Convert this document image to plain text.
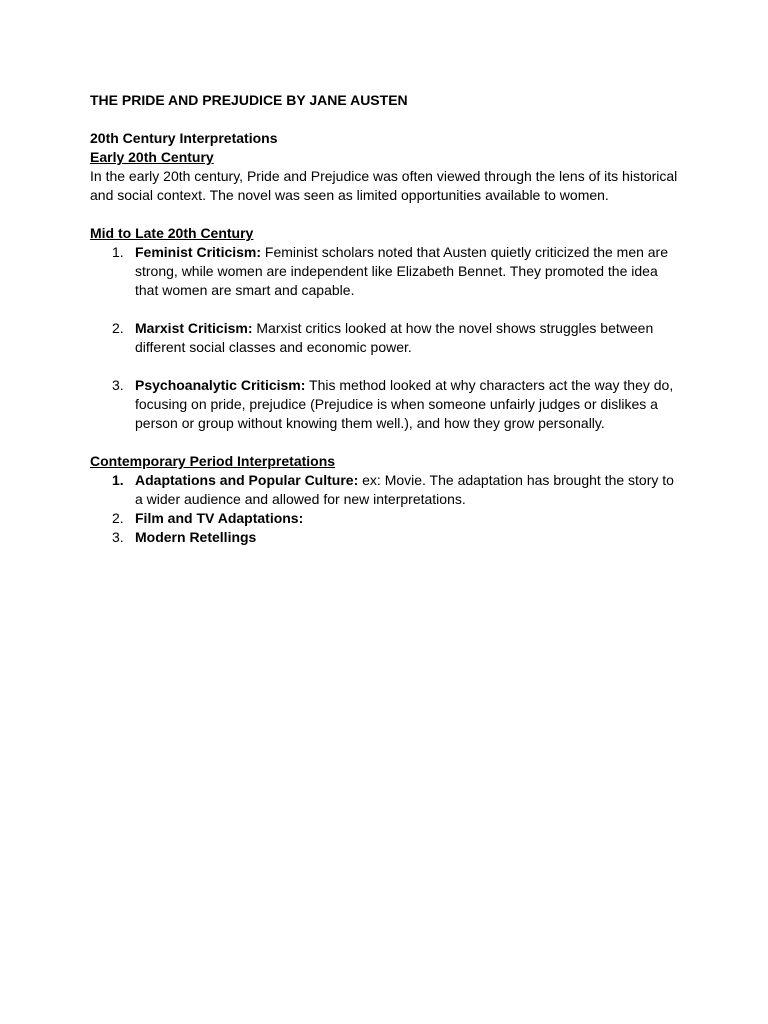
THE PRIDE AND PREJUDICE BY JANE AUSTEN

20th Century Interpretations

Early 20th Century

In the early 20th century, Pride and Prejudice was often viewed through the lens of its historical and social context. The novel was seen as limited opportunities available to women.

Mid to Late 20th Century

1. Feminist Criticism: Feminist scholars noted that Austen quietly criticized the men are strong, while women are independent like Elizabeth Bennet. They promoted the idea that women are smart and capable.
2. Marxist Criticism: Marxist critics looked at how the novel shows struggles between different social classes and economic power.
3. Psychoanalytic Criticism: This method looked at why characters act the way they do, focusing on pride, prejudice (Prejudice is when someone unfairly judges or dislikes a person or group without knowing them well.), and how they grow personally.

Contemporary Period Interpretations

1. Adaptations and Popular Culture: ex: Movie. The adaptation has brought the story to a wider audience and allowed for new interpretations.
2. Film and TV Adaptations:
3. Modern Retellings
